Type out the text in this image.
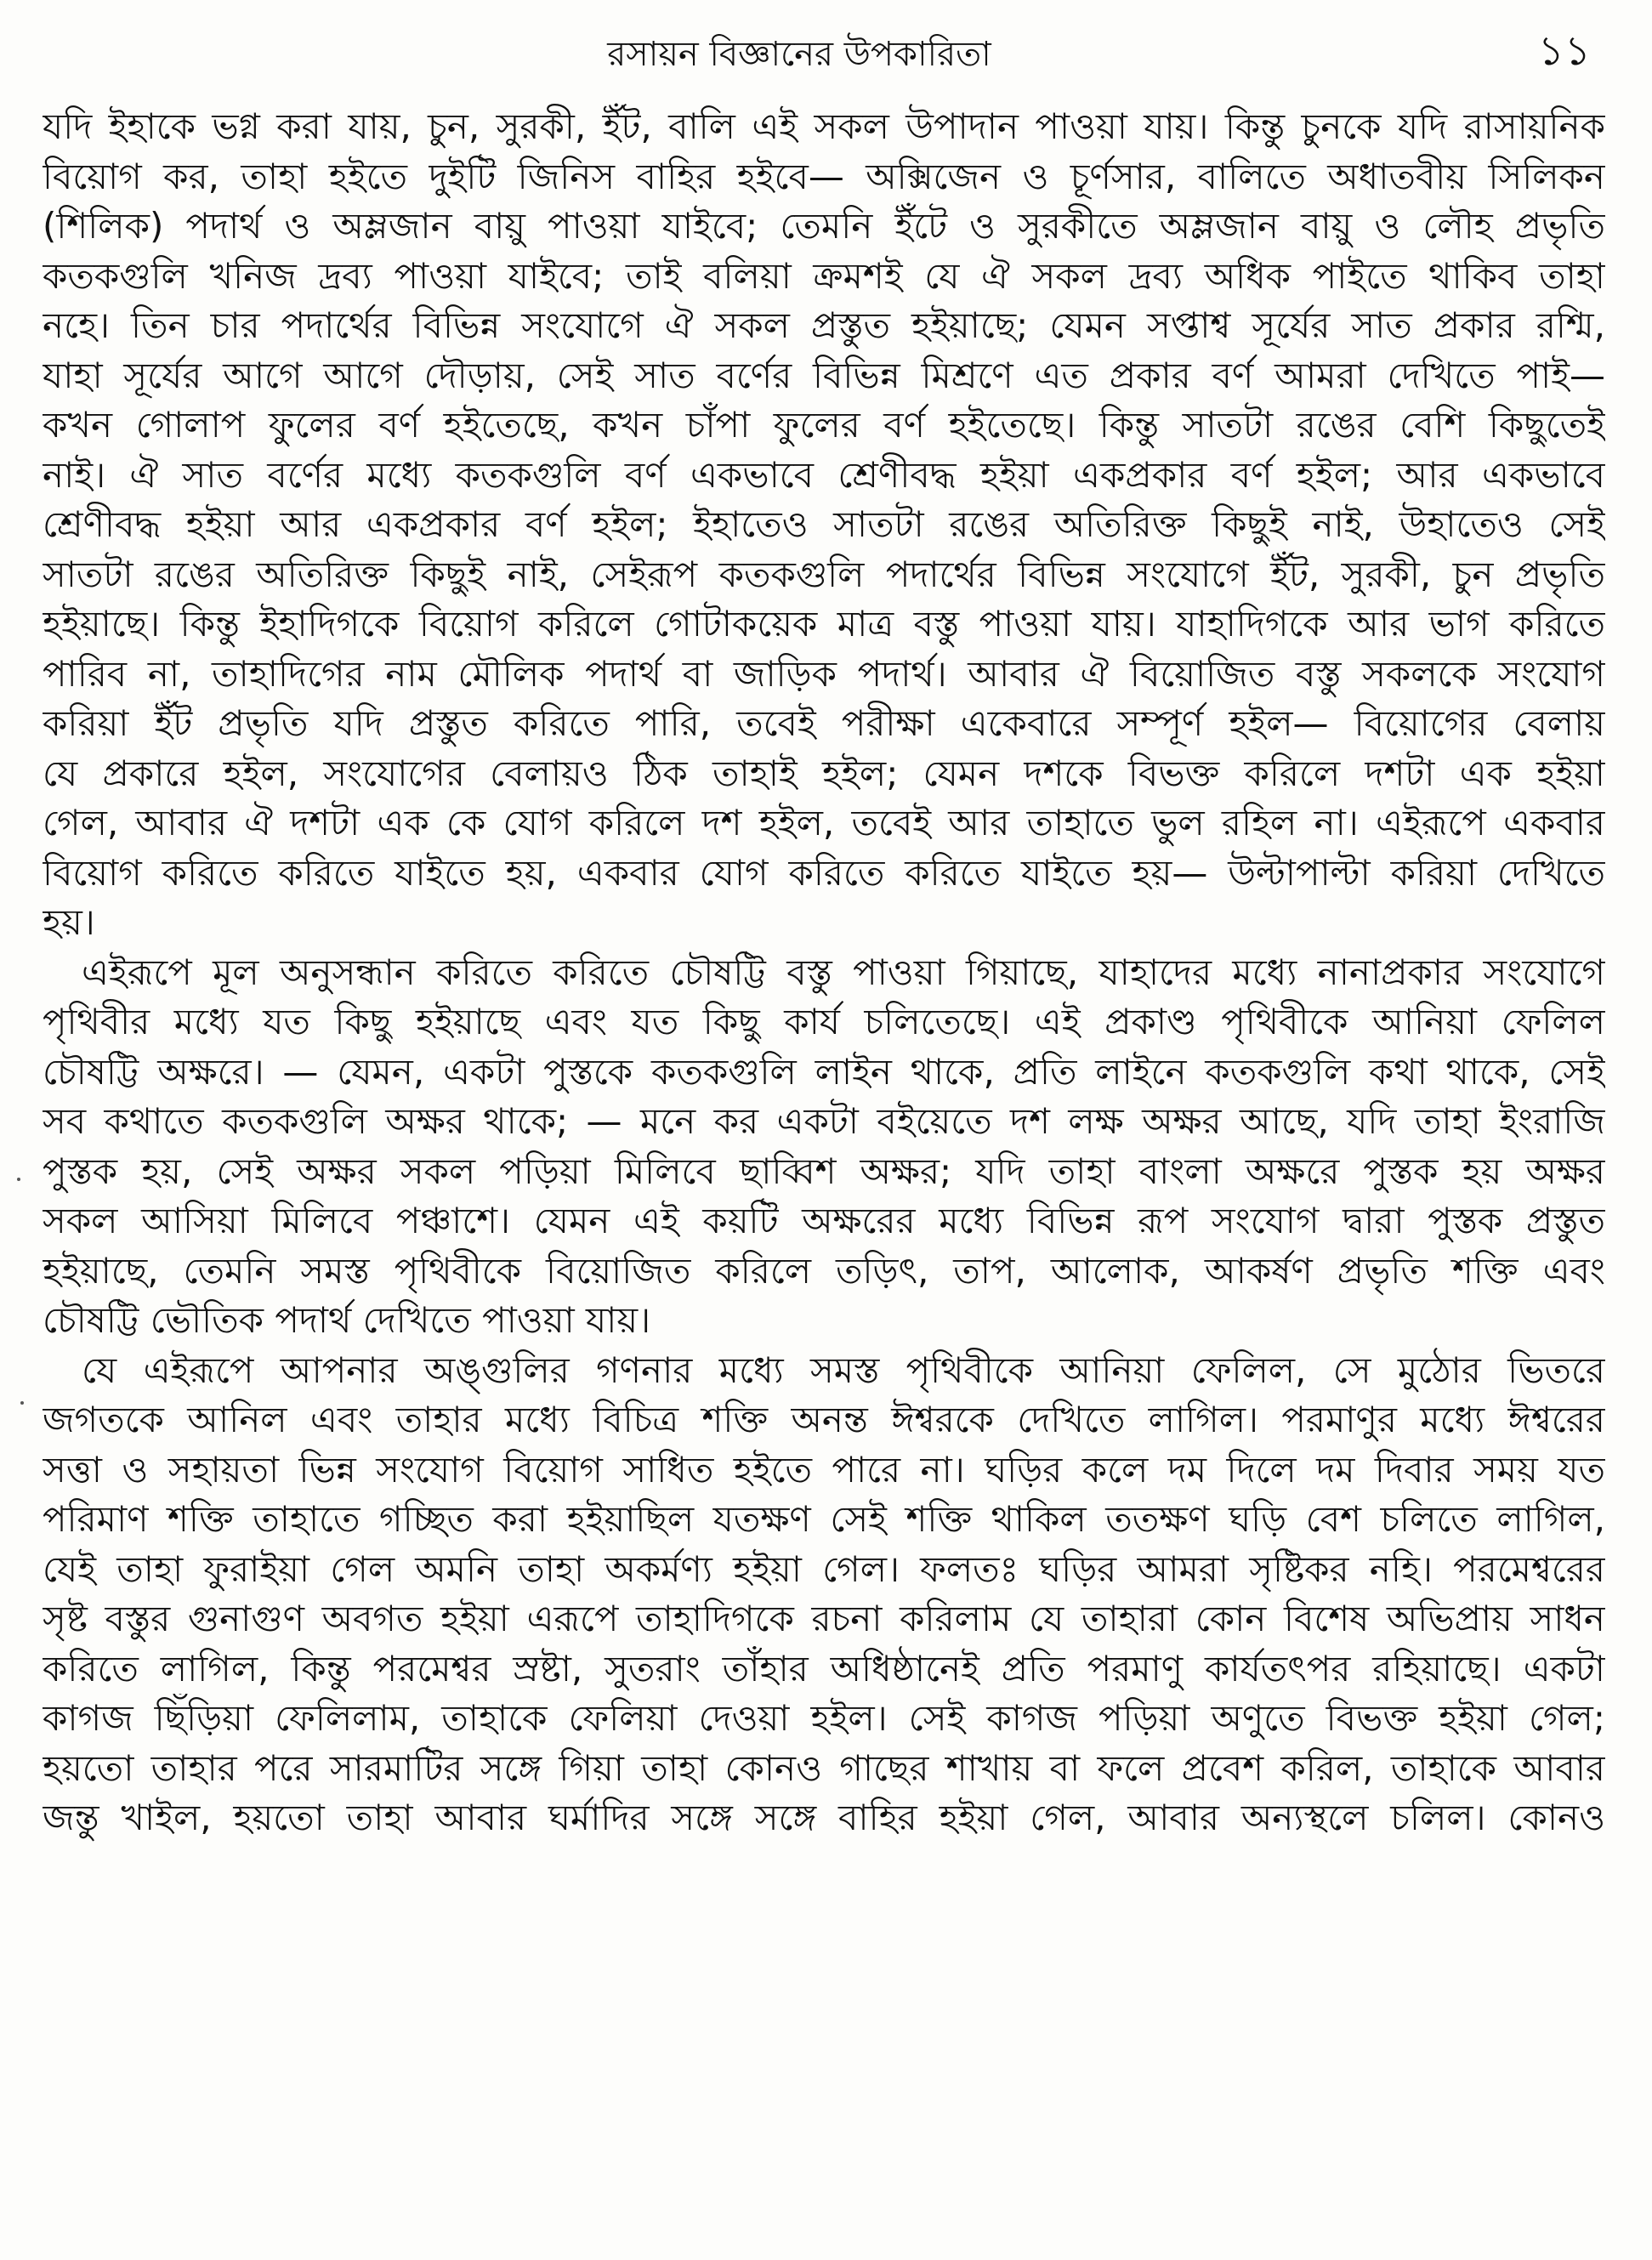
রসায়ন বিজ্ঞানের উপকারিতা	১১
যদি ইহাকে ভগ্ন করা যায়, চুন, সুরকী, ইঁট, বালি এই সকল উপাদান পাওয়া যায়। কিন্তু চুনকে যদি রাসায়নিক
বিয়োগ কর, তাহা হইতে দুইটি জিনিস বাহির হইবে— অক্সিজেন ও চূর্ণসার, বালিতে অধাতবীয় সিলিকন
(শিলিক) পদার্থ ও অম্লজান বায়ু পাওয়া যাইবে; তেমনি ইঁটে ও সুরকীতে অম্লজান বায়ু ও লৌহ প্রভৃতি
কতকগুলি খনিজ দ্রব্য পাওয়া যাইবে; তাই বলিয়া ক্রমশই যে ঐ সকল দ্রব্য অধিক পাইতে থাকিব তাহা
নহে। তিন চার পদার্থের বিভিন্ন সংযোগে ঐ সকল প্রস্তুত হইয়াছে; যেমন সপ্তাশ্ব সূর্যের সাত প্রকার রশ্মি,
যাহা সূর্যের আগে আগে দৌড়ায়, সেই সাত বর্ণের বিভিন্ন মিশ্রণে এত প্রকার বর্ণ আমরা দেখিতে পাই—
কখন গোলাপ ফুলের বর্ণ হইতেছে, কখন চাঁপা ফুলের বর্ণ হইতেছে। কিন্তু সাতটা রঙের বেশি কিছুতেই
নাই। ঐ সাত বর্ণের মধ্যে কতকগুলি বর্ণ একভাবে শ্রেণীবদ্ধ হইয়া একপ্রকার বর্ণ হইল; আর একভাবে
শ্রেণীবদ্ধ হইয়া আর একপ্রকার বর্ণ হইল; ইহাতেও সাতটা রঙের অতিরিক্ত কিছুই নাই, উহাতেও সেই
সাতটা রঙের অতিরিক্ত কিছুই নাই, সেইরূপ কতকগুলি পদার্থের বিভিন্ন সংযোগে ইঁট, সুরকী, চুন প্রভৃতি
হইয়াছে। কিন্তু ইহাদিগকে বিয়োগ করিলে গোটাকয়েক মাত্র বস্তু পাওয়া যায়। যাহাদিগকে আর ভাগ করিতে
পারিব না, তাহাদিগের নাম মৌলিক পদার্থ বা জাড়িক পদার্থ। আবার ঐ বিয়োজিত বস্তু সকলকে সংযোগ
করিয়া ইঁট প্রভৃতি যদি প্রস্তুত করিতে পারি, তবেই পরীক্ষা একেবারে সম্পূর্ণ হইল— বিয়োগের বেলায়
যে প্রকারে হইল, সংযোগের বেলায়ও ঠিক তাহাই হইল; যেমন দশকে বিভক্ত করিলে দশটা এক হইয়া
গেল, আবার ঐ দশটা এক কে যোগ করিলে দশ হইল, তবেই আর তাহাতে ভুল রহিল না। এইরূপে একবার
বিয়োগ করিতে করিতে যাইতে হয়, একবার যোগ করিতে করিতে যাইতে হয়— উল্টাপাল্টা করিয়া দেখিতে
হয়।
এইরূপে মূল অনুসন্ধান করিতে করিতে চৌষট্টি বস্তু পাওয়া গিয়াছে, যাহাদের মধ্যে নানাপ্রকার সংযোগে
পৃথিবীর মধ্যে যত কিছু হইয়াছে এবং যত কিছু কার্য চলিতেছে। এই প্রকাণ্ড পৃথিবীকে আনিয়া ফেলিল
চৌষট্টি অক্ষরে। — যেমন, একটা পুস্তকে কতকগুলি লাইন থাকে, প্রতি লাইনে কতকগুলি কথা থাকে, সেই
সব কথাতে কতকগুলি অক্ষর থাকে; — মনে কর একটা বইয়েতে দশ লক্ষ অক্ষর আছে, যদি তাহা ইংরাজি
পুস্তক হয়, সেই অক্ষর সকল পড়িয়া মিলিবে ছাব্বিশ অক্ষর; যদি তাহা বাংলা অক্ষরে পুস্তক হয় অক্ষর
সকল আসিয়া মিলিবে পঞ্চাশে। যেমন এই কয়টি অক্ষরের মধ্যে বিভিন্ন রূপ সংযোগ দ্বারা পুস্তক প্রস্তুত
হইয়াছে, তেমনি সমস্ত পৃথিবীকে বিয়োজিত করিলে তড়িৎ, তাপ, আলোক, আকর্ষণ প্রভৃতি শক্তি এবং
চৌষট্টি ভৌতিক পদার্থ দেখিতে পাওয়া যায়।
যে এইরূপে আপনার অঙ্গুলির গণনার মধ্যে সমস্ত পৃথিবীকে আনিয়া ফেলিল, সে মুঠোর ভিতরে
জগতকে আনিল এবং তাহার মধ্যে বিচিত্র শক্তি অনন্ত ঈশ্বরকে দেখিতে লাগিল। পরমাণুর মধ্যে ঈশ্বরের
সত্তা ও সহায়তা ভিন্ন সংযোগ বিয়োগ সাধিত হইতে পারে না। ঘড়ির কলে দম দিলে দম দিবার সময় যত
পরিমাণ শক্তি তাহাতে গচ্ছিত করা হইয়াছিল যতক্ষণ সেই শক্তি থাকিল ততক্ষণ ঘড়ি বেশ চলিতে লাগিল,
যেই তাহা ফুরাইয়া গেল অমনি তাহা অকর্মণ্য হইয়া গেল। ফলতঃ ঘড়ির আমরা সৃষ্টিকর নহি। পরমেশ্বরের
সৃষ্ট বস্তুর গুনাগুণ অবগত হইয়া এরূপে তাহাদিগকে রচনা করিলাম যে তাহারা কোন বিশেষ অভিপ্রায় সাধন
করিতে লাগিল, কিন্তু পরমেশ্বর স্রষ্টা, সুতরাং তাঁহার অধিষ্ঠানেই প্রতি পরমাণু কার্যতৎপর রহিয়াছে। একটা
কাগজ ছিঁড়িয়া ফেলিলাম, তাহাকে ফেলিয়া দেওয়া হইল। সেই কাগজ পড়িয়া অণুতে বিভক্ত হইয়া গেল;
হয়তো তাহার পরে সারমাটির সঙ্গে গিয়া তাহা কোনও গাছের শাখায় বা ফলে প্রবেশ করিল, তাহাকে আবার
জন্তু খাইল, হয়তো তাহা আবার ঘর্মাদির সঙ্গে সঙ্গে বাহির হইয়া গেল, আবার অন্যস্থলে চলিল। কোনও
